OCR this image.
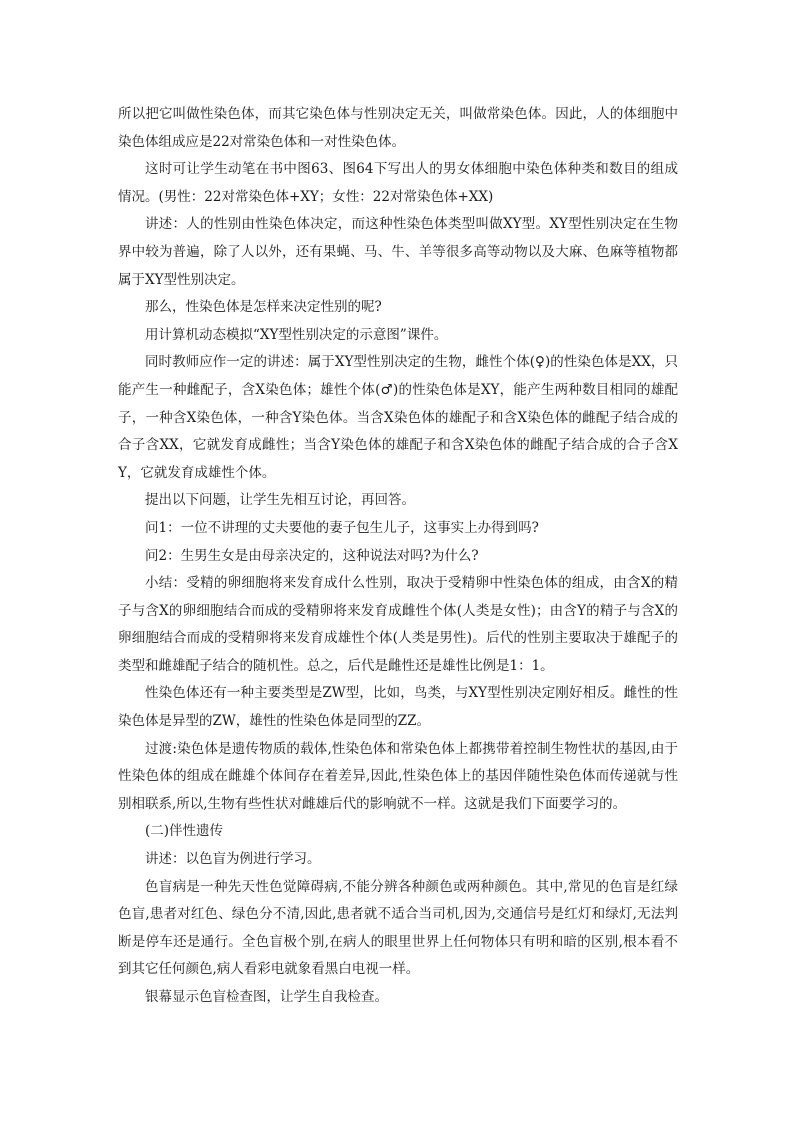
所以把它叫做性染色体，而其它染色体与性别决定无关，叫做常染色体。因此，人的体细胞中染色体组成应是22对常染色体和一对性染色体。

这时可让学生动笔在书中图63、图64下写出人的男女体细胞中染色体种类和数目的组成情况。(男性：22对常染色体+XY；女性：22对常染色体+XX)

讲述：人的性别由性染色体决定，而这种性染色体类型叫做XY型。XY型性别决定在生物界中较为普遍，除了人以外，还有果蝇、马、牛、羊等很多高等动物以及大麻、色麻等植物都属于XY型性别决定。

那么，性染色体是怎样来决定性别的呢?

用计算机动态模拟“XY型性别决定的示意图”课件。

同时教师应作一定的讲述：属于XY型性别决定的生物，雌性个体(♀)的性染色体是XX，只能产生一种雌配子，含X染色体；雄性个体(♂)的性染色体是XY，能产生两种数目相同的雄配子，一种含X染色体，一种含Y染色体。当含X染色体的雄配子和含X染色体的雌配子结合成的合子含XX，它就发育成雌性；当含Y染色体的雄配子和含X染色体的雌配子结合成的合子含XY，它就发育成雄性个体。

提出以下问题，让学生先相互讨论，再回答。

问1：一位不讲理的丈夫要他的妻子包生儿子，这事实上办得到吗?

问2：生男生女是由母亲决定的，这种说法对吗?为什么?

小结：受精的卵细胞将来发育成什么性别，取决于受精卵中性染色体的组成，由含X的精子与含X的卵细胞结合而成的受精卵将来发育成雌性个体(人类是女性)；由含Y的精子与含X的卵细胞结合而成的受精卵将来发育成雄性个体(人类是男性)。后代的性别主要取决于雄配子的类型和雌雄配子结合的随机性。总之，后代是雌性还是雄性比例是1：1。

性染色体还有一种主要类型是ZW型，比如，鸟类，与XY型性别决定刚好相反。雌性的性染色体是异型的ZW，雄性的性染色体是同型的ZZ。

过渡:染色体是遗传物质的载体,性染色体和常染色体上都携带着控制生物性状的基因,由于性染色体的组成在雌雄个体间存在着差异,因此,性染色体上的基因伴随性染色体而传递就与性别相联系,所以,生物有些性状对雌雄后代的影响就不一样。这就是我们下面要学习的。

(二)伴性遗传

讲述：以色盲为例进行学习。

色盲病是一种先天性色觉障碍病,不能分辨各种颜色或两种颜色。其中,常见的色盲是红绿色盲,患者对红色、绿色分不清,因此,患者就不适合当司机,因为,交通信号是红灯和绿灯,无法判断是停车还是通行。全色盲极个别,在病人的眼里世界上任何物体只有明和暗的区别,根本看不到其它任何颜色,病人看彩电就象看黑白电视一样。

银幕显示色盲检查图，让学生自我检查。
